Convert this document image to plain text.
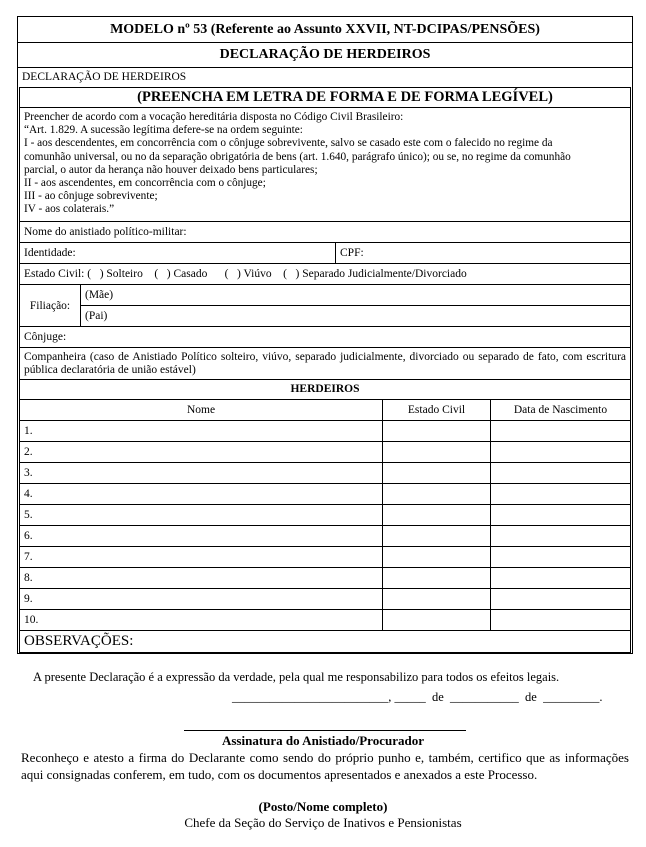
MODELO nº 53 (Referente ao Assunto XXVII, NT-DCIPAS/PENSÕES)
DECLARAÇÃO DE HERDEIROS
DECLARAÇÃO DE HERDEIROS
(PREENCHA EM LETRA DE FORMA E DE FORMA LEGÍVEL)
Preencher de acordo com a vocação hereditária disposta no Código Civil Brasileiro:
“Art. 1.829. A sucessão legítima defere-se na ordem seguinte:
I - aos descendentes, em concorrência com o cônjuge sobrevivente, salvo se casado este com o falecido no regime da
comunhão universal, ou no da separação obrigatória de bens (art. 1.640, parágrafo único); ou se, no regime da comunhão
parcial, o autor da herança não houver deixado bens particulares;
II - aos ascendentes, em concorrência com o cônjuge;
III - ao cônjuge sobrevivente;
IV - aos colaterais.”
Nome do anistiado político-militar:
Identidade:	CPF:
Estado Civil: (   ) Solteiro    (   ) Casado      (   ) Viúvo    (   ) Separado Judicialmente/Divorciado
Filiação:
(Mãe)
(Pai)
Cônjuge:
Companheira (caso de Anistiado Político solteiro, viúvo, separado judicialmente, divorciado ou separado de fato, com escritura pública declaratória de união estável)
HERDEIROS
Nome	Estado Civil	Data de Nascimento
1.		
2.		
3.		
4.		
5.		
6.		
7.		
8.		
9.		
10.		
OBSERVAÇÕES:
A presente Declaração é a expressão da verdade, pela qual me responsabilizo para todos os efeitos legais.
_________________________, _____  de  ___________  de  _________.
Assinatura do Anistiado/Procurador
Reconheço e atesto a firma do Declarante como sendo do próprio punho e, também, certifico que as informações aqui consignadas conferem, em tudo, com os documentos apresentados e anexados a este Processo.
(Posto/Nome completo)
Chefe da Seção do Serviço de Inativos e Pensionistas
